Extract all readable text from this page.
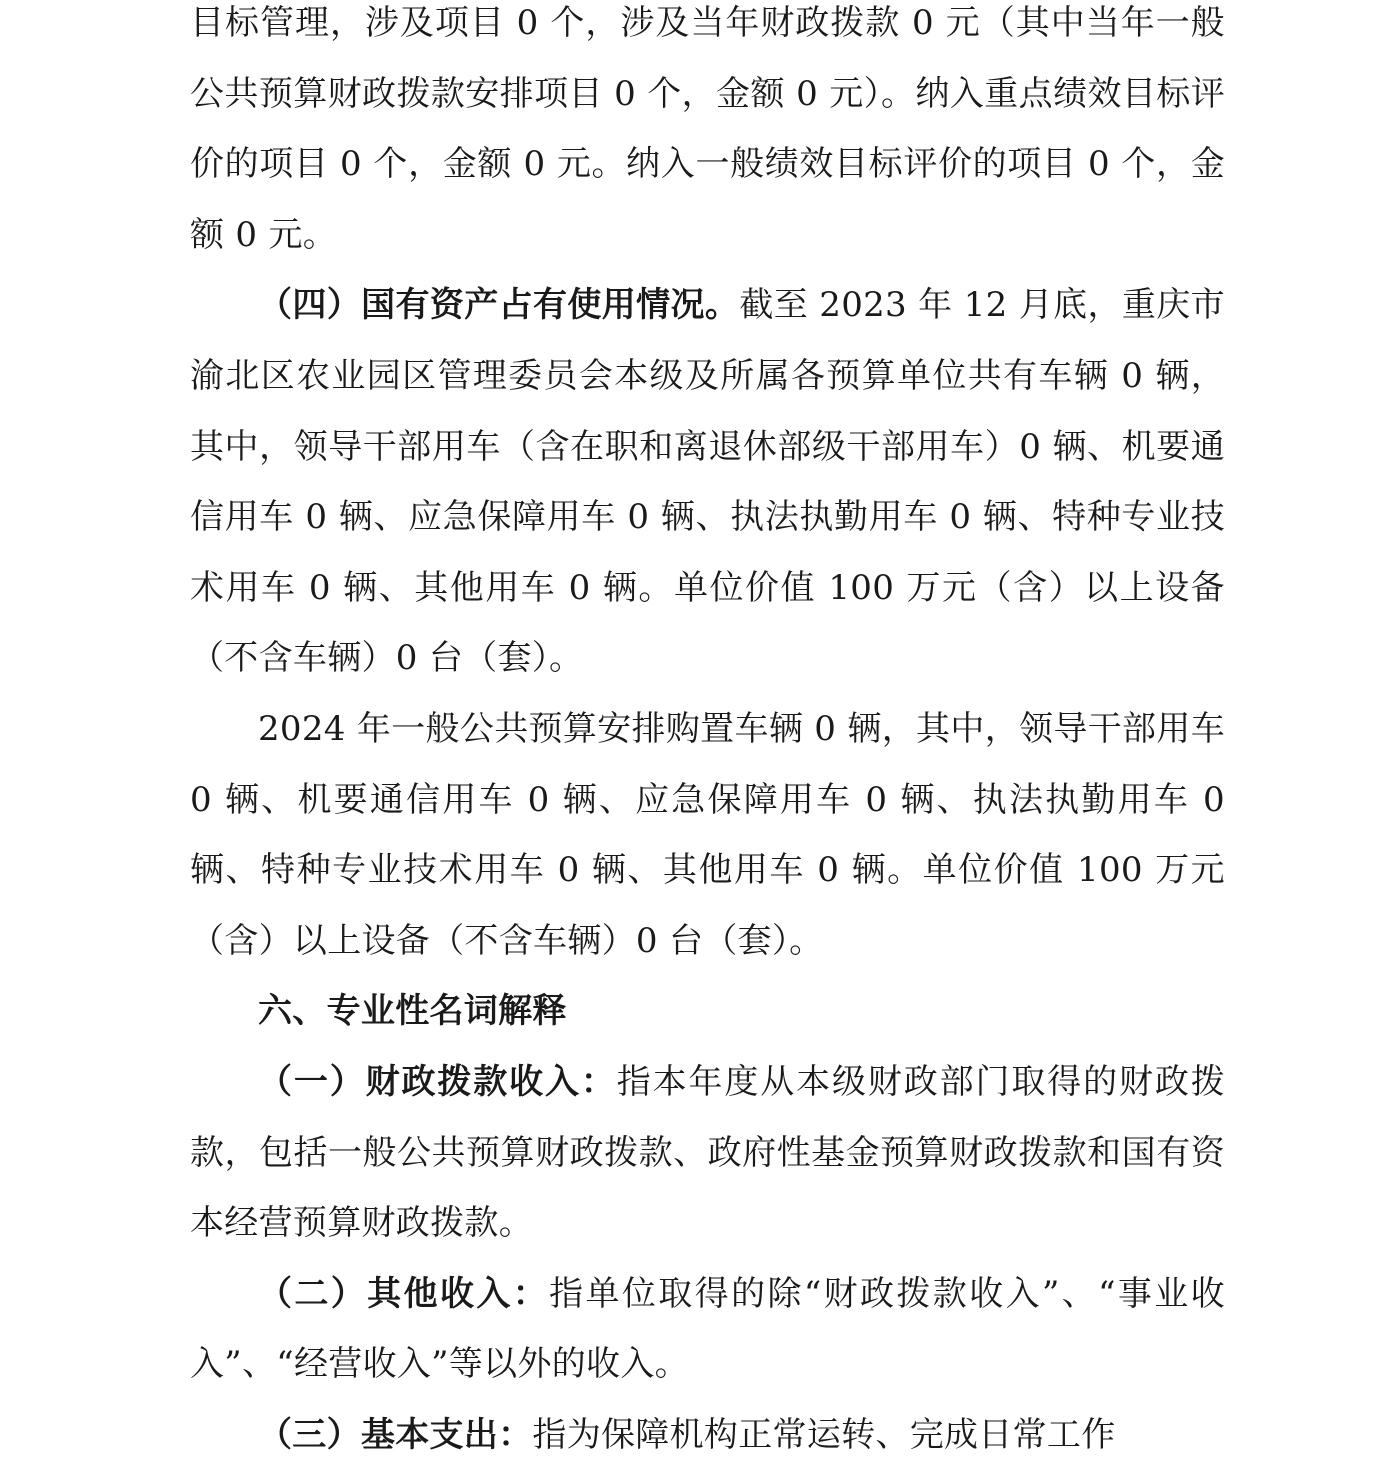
目标管理，涉及项目 0 个，涉及当年财政拨款 0 元（其中当年一般公共预算财政拨款安排项目 0 个，金额 0 元）。纳入重点绩效目标评价的项目 0 个，金额 0 元。纳入一般绩效目标评价的项目 0 个，金额 0 元。

（四）国有资产占有使用情况。截至 2023 年 12 月底，重庆市渝北区农业园区管理委员会本级及所属各预算单位共有车辆 0 辆，其中，领导干部用车（含在职和离退休部级干部用车）0 辆、机要通信用车 0 辆、应急保障用车 0 辆、执法执勤用车 0 辆、特种专业技术用车 0 辆、其他用车 0 辆。单位价值 100 万元（含）以上设备（不含车辆）0 台（套）。

2024 年一般公共预算安排购置车辆 0 辆，其中，领导干部用车 0 辆、机要通信用车 0 辆、应急保障用车 0 辆、执法执勤用车 0 辆、特种专业技术用车 0 辆、其他用车 0 辆。单位价值 100 万元（含）以上设备（不含车辆）0 台（套）。

六、专业性名词解释

（一）财政拨款收入：指本年度从本级财政部门取得的财政拨款，包括一般公共预算财政拨款、政府性基金预算财政拨款和国有资本经营预算财政拨款。

（二）其他收入：指单位取得的除“财政拨款收入”、“事业收入”、“经营收入”等以外的收入。

（三）基本支出：指为保障机构正常运转、完成日常工作
